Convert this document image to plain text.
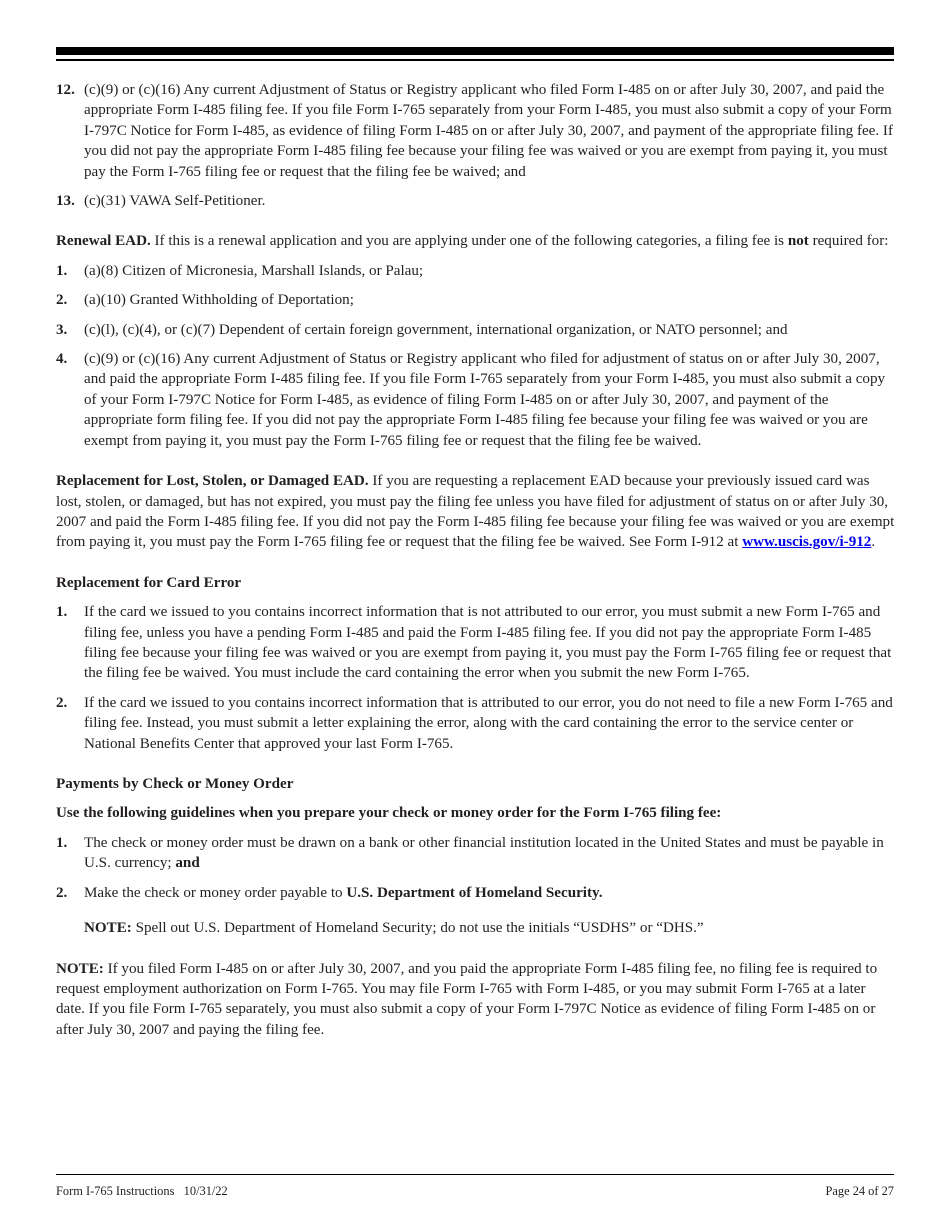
12. (c)(9) or (c)(16) Any current Adjustment of Status or Registry applicant who filed Form I-485 on or after July 30, 2007, and paid the appropriate Form I-485 filing fee. If you file Form I-765 separately from your Form I-485, you must also submit a copy of your Form I-797C Notice for Form I-485, as evidence of filing Form I-485 on or after July 30, 2007, and payment of the appropriate filing fee. If you did not pay the appropriate Form I-485 filing fee because your filing fee was waived or you are exempt from paying it, you must pay the Form I-765 filing fee or request that the filing fee be waived; and
13. (c)(31) VAWA Self-Petitioner.

Renewal EAD. If this is a renewal application and you are applying under one of the following categories, a filing fee is not required for:

1.	(a)(8) Citizen of Micronesia, Marshall Islands, or Palau;
2.	(a)(10) Granted Withholding of Deportation;
3.	(c)(l), (c)(4), or (c)(7) Dependent of certain foreign government, international organization, or NATO personnel; and
4.	(c)(9) or (c)(16) Any current Adjustment of Status or Registry applicant who filed for adjustment of status on or after July 30, 2007, and paid the appropriate Form I-485 filing fee. If you file Form I-765 separately from your Form I-485, you must also submit a copy of your Form I-797C Notice for Form I-485, as evidence of filing Form I-485 on or after July 30, 2007, and payment of the appropriate form filing fee. If you did not pay the appropriate Form I-485 filing fee because your filing fee was waived or you are exempt from paying it, you must pay the Form I-765 filing fee or request that the filing fee be waived.

Replacement for Lost, Stolen, or Damaged EAD. If you are requesting a replacement EAD because your previously issued card was lost, stolen, or damaged, but has not expired, you must pay the filing fee unless you have filed for adjustment of status on or after July 30, 2007 and paid the Form I-485 filing fee. If you did not pay the Form I-485 filing fee because your filing fee was waived or you are exempt from paying it, you must pay the Form I-765 filing fee or request that the filing fee be waived. See Form I-912 at www.uscis.gov/i-912.

Replacement for Card Error

1.	If the card we issued to you contains incorrect information that is not attributed to our error, you must submit a new Form I-765 and filing fee, unless you have a pending Form I-485 and paid the Form I-485 filing fee. If you did not pay the appropriate Form I-485 filing fee because your filing fee was waived or you are exempt from paying it, you must pay the Form I-765 filing fee or request that the filing fee be waived. You must include the card containing the error when you submit the new Form I-765.
2.	If the card we issued to you contains incorrect information that is attributed to our error, you do not need to file a new Form I-765 and filing fee. Instead, you must submit a letter explaining the error, along with the card containing the error to the service center or National Benefits Center that approved your last Form I-765.

Payments by Check or Money Order

Use the following guidelines when you prepare your check or money order for the Form I-765 filing fee:

1.	The check or money order must be drawn on a bank or other financial institution located in the United States and must be payable in U.S. currency; and
2.	Make the check or money order payable to U.S. Department of Homeland Security.

NOTE: Spell out U.S. Department of Homeland Security; do not use the initials “USDHS” or “DHS.”

NOTE: If you filed Form I-485 on or after July 30, 2007, and you paid the appropriate Form I-485 filing fee, no filing fee is required to request employment authorization on Form I-765. You may file Form I-765 with Form I-485, or you may submit Form I-765 at a later date. If you file Form I-765 separately, you must also submit a copy of your Form I-797C Notice as evidence of filing Form I-485 on or after July 30, 2007 and paying the filing fee.

Form I-765 Instructions   10/31/22	Page 24 of 27
